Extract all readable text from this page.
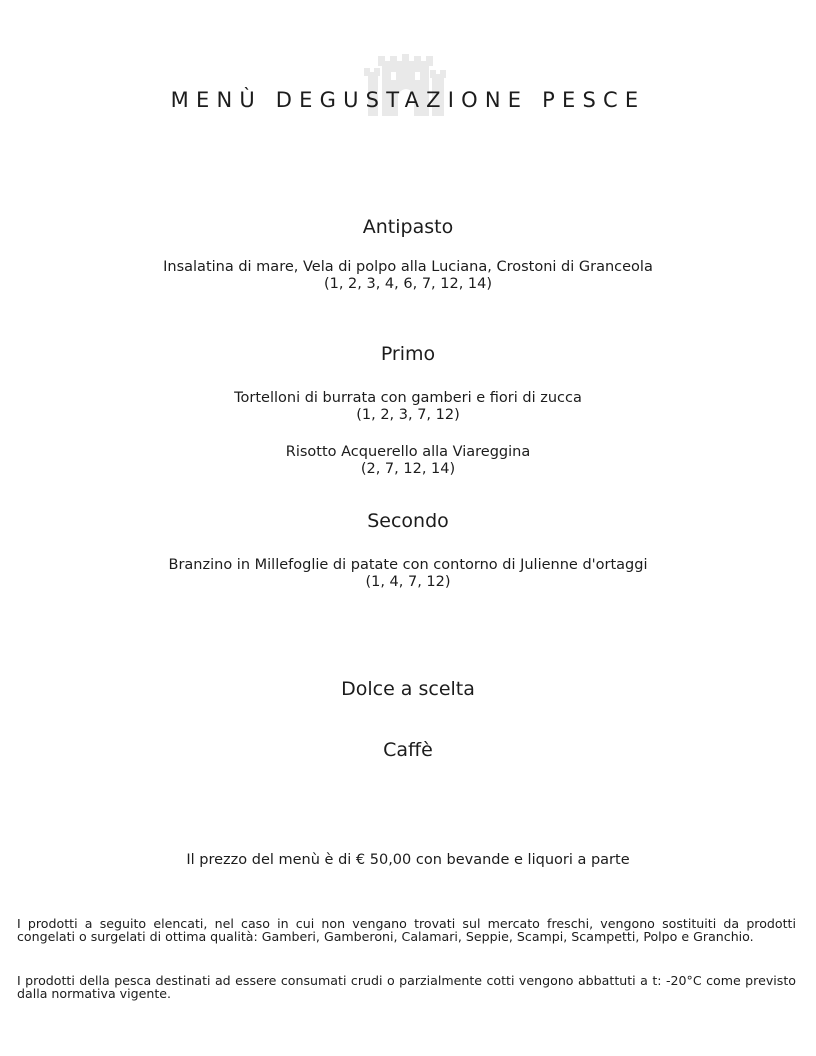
MENÙ DEGUSTAZIONE PESCE
Antipasto
Insalatina di mare, Vela di polpo alla Luciana, Crostoni di Granceola
(1, 2, 3, 4, 6, 7, 12, 14)
Primo
Tortelloni di burrata con gamberi e fiori di zucca
(1, 2, 3, 7, 12)
Risotto Acquerello alla Viareggina
(2, 7, 12, 14)
Secondo
Branzino in Millefoglie di patate con contorno di Julienne d'ortaggi
(1, 4, 7, 12)
Dolce a scelta
Caffè
Il prezzo del menù è di € 50,00 con bevande e liquori a parte
I prodotti a seguito elencati, nel caso in cui non vengano trovati sul mercato freschi, vengono sostituiti da prodotti congelati o surgelati di ottima qualità: Gamberi, Gamberoni, Calamari, Seppie, Scampi, Scampetti, Polpo e Granchio.
I prodotti della pesca destinati ad essere consumati crudi o parzialmente cotti vengono abbattuti a t: -20°C come previsto dalla normativa vigente.
